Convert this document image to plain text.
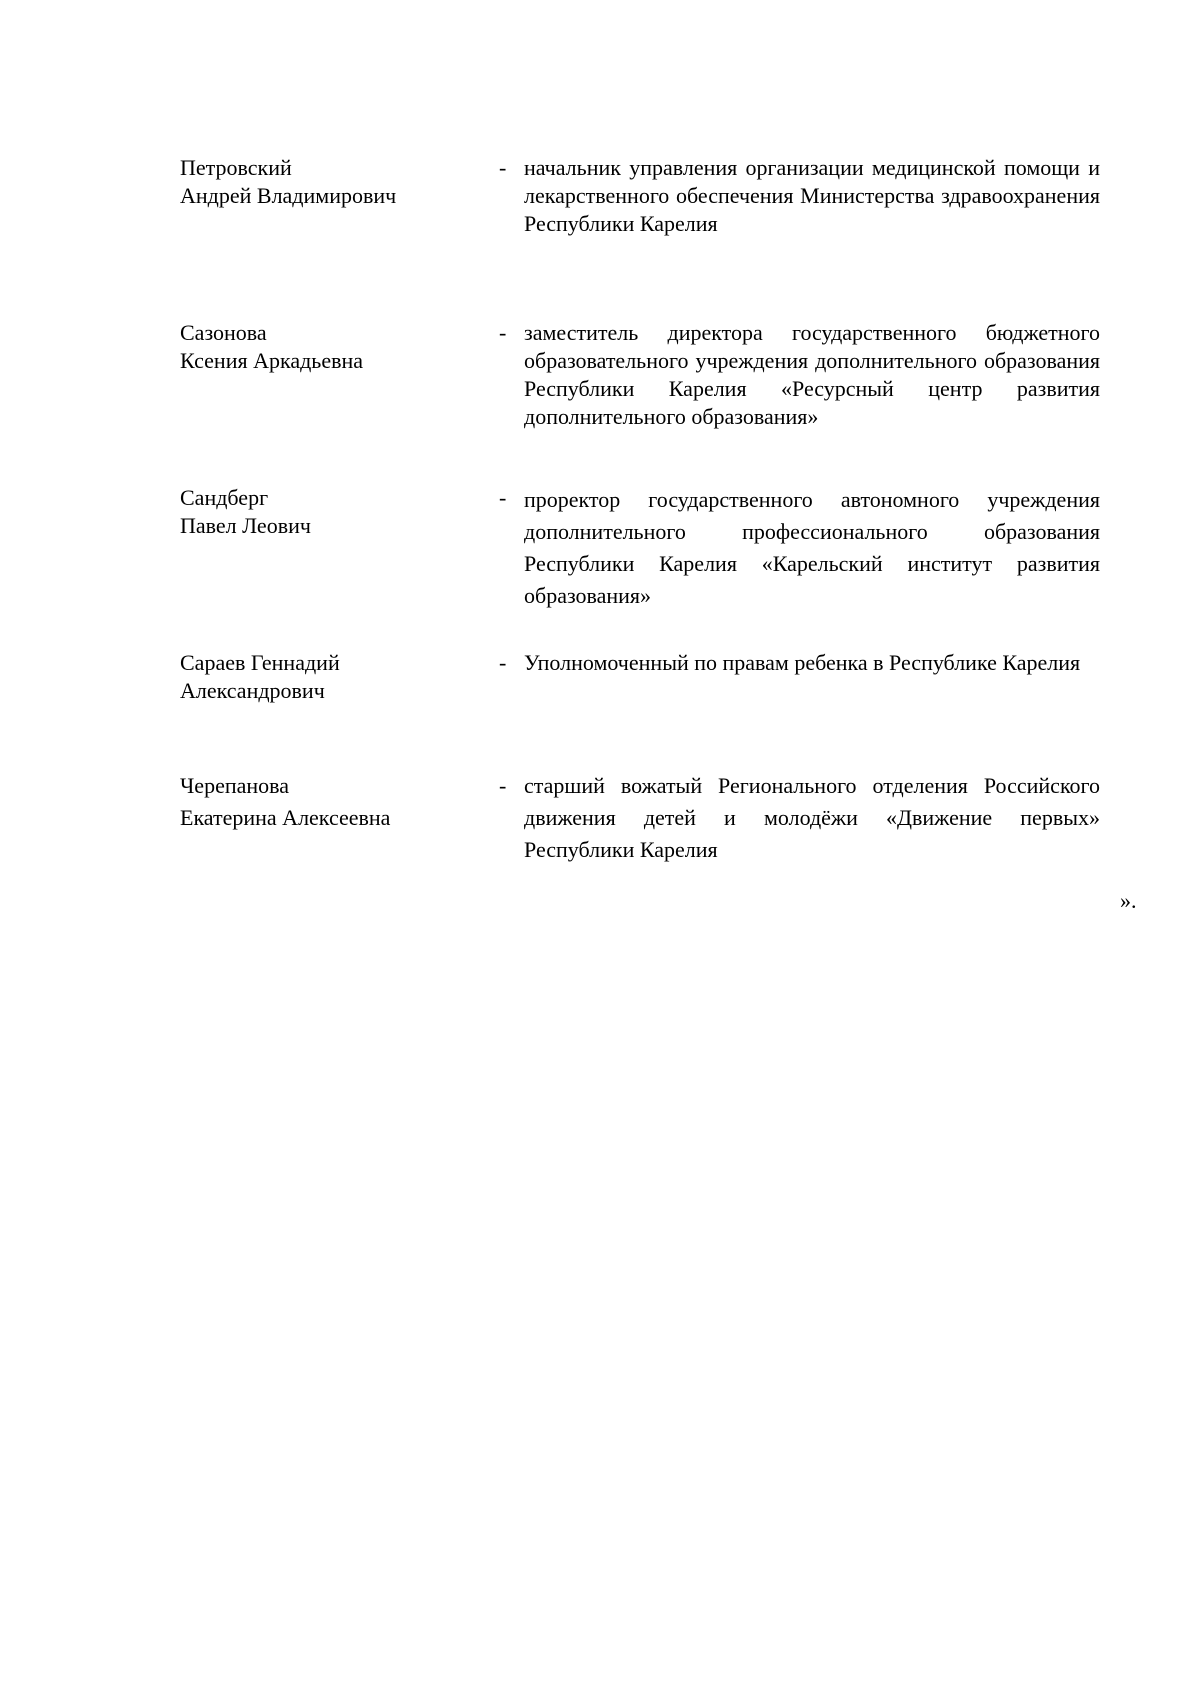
Петровский
Андрей Владимирович
- начальник управления организации медицинской помощи и лекарственного обеспечения Министерства здравоохранения Республики Карелия
Сазонова
Ксения Аркадьевна
- заместитель директора государственного бюджетного образовательного учреждения дополнительного образования Республики Карелия «Ресурсный центр развития дополнительного образования»
Сандберг
Павел Леович
- проректор государственного автономного учреждения дополнительного профессионального образования Республики Карелия «Карельский институт развития образования»
Сараев Геннадий
Александрович
- Уполномоченный по правам ребенка в Республике Карелия
Черепанова
Екатерина Алексеевна
- старший вожатый Регионального отделения Российского движения детей и молодёжи «Движение первых» Республики Карелия
».
